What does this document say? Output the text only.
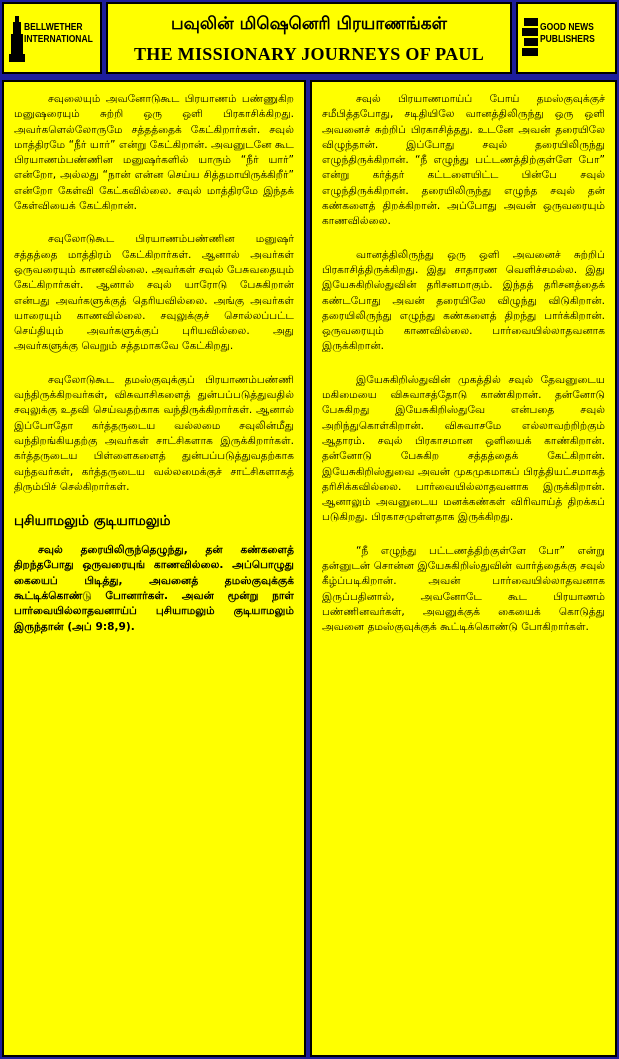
BELLWETHER
INTERNATIONAL
பவுலின் மிஷெனெரி பிரயாணங்கள்
THE MISSIONARY JOURNEYS OF PAUL
GOOD NEWS
PUBLISHERS

சவுலையும் அவனோடுகூட பிரயாணம் பண்ணுகிற மனுஷரையும் சுற்றி ஒரு ஒளி பிரகாசிக்கிறது. அவர்களெல்லோருமே சத்தத்தைக் கேட்கிறார்கள். சவுல் மாத்திரமே “நீர் யார்” என்று கேட்கிறான். அவனுடனே கூட பிரயாணம்பண்ணின மனுஷர்களில் யாரும் “நீர் யார்” என்றோ, அல்லது “நான் என்ன செய்ய சித்தமாயிருக்கிறீர்” என்றோ கேள்வி கேட்கவில்லை. சவுல் மாத்திரமே இந்தக் கேள்வியைக் கேட்கிறான்.

சவுலோடுகூட பிரயாணம்பண்ணின மனுஷர் சத்தத்தை மாத்திரம் கேட்கிறார்கள். ஆனால் அவர்கள் ஒருவரையும் காணவில்லை. அவர்கள் சவுல் பேசுவதையும் கேட்கிறார்கள். ஆனால் சவுல் யாரோடு பேசுகிறான் என்பது அவர்களுக்குத் தெரியவில்லை. அங்கு அவர்கள் யாரையும் காணவில்லை. சவுலுக்குச் சொல்லப்பட்ட செய்தியும் அவர்களுக்குப் புரியவில்லை. அது அவர்களுக்கு வெறும் சத்தமாகவே கேட்கிறது.

சவுலோடுகூட தமஸ்குவுக்குப் பிரயாணம்பண்ணி வந்திருக்கிறவர்கள், விசுவாசிகளைத் துன்பப்படுத்துவதில் சவுலுக்கு உதவி செய்வதற்காக வந்திருக்கிறார்கள். ஆனால் இப்போதோ கர்த்தருடைய வல்லமை சவுலின்மீது வந்திறங்கியதற்கு அவர்கள் சாட்சிகளாக இருக்கிறார்கள். கர்த்தருடைய பிள்ளைகளைத் துன்பப்படுத்துவதற்காக வந்தவர்கள், கர்த்தருடைய வல்லமைக்குச் சாட்சிகளாகத் திரும்பிச் செல்கிறார்கள்.

புசியாமலும் குடியாமலும்

சவுல் தரையிலிருந்தெழுந்து, தன் கண்களைத் திறந்தபோது ஒருவரையுங் காணவில்லை. அப்பொழுது கையைப் பிடித்து, அவனைத் தமஸ்குவுக்குக் கூட்டிக்கொண்டு போனார்கள். அவன் மூன்று நாள் பார்வையில்லாதவனாய்ப் புசியாமலும் குடியாமலும் இருந்தான் (அப் 9:8,9).

சவுல் பிரயாணமாய்ப் போய் தமஸ்குவுக்குச் சமீபித்தபோது, சடிதியிலே வானத்திலிருந்து ஒரு ஒளி அவனைச் சுற்றிப் பிரகாசித்தது. உடனே அவன் தரையிலே விழுந்தான். இப்போது சவுல் தரையிலிருந்து எழுந்திருக்கிறான். “நீ எழுந்து பட்டணத்திற்குள்ளே போ” என்று கர்த்தர் கட்டளையிட்ட பின்பே சவுல் எழுந்திருக்கிறான். தரையிலிருந்து எழுந்த சவுல் தன் கண்களைத் திறக்கிறான். அப்போது அவன் ஒருவரையும் காணவில்லை.

வானத்திலிருந்து ஒரு ஒளி அவனைச் சுற்றிப் பிரகாசித்திருக்கிறது. இது சாதாரண வெளிச்சமல்ல. இது இயேசுகிறிஸ்துவின் தரிசனமாகும். இந்தத் தரிசனத்தைக் கண்டபோது அவன் தரையிலே விழுந்து விடுகிறான். தரையிலிருந்து எழுந்து கண்களைத் திறந்து பார்க்கிறான். ஒருவரையும் காணவில்லை. பார்வையில்லாதவனாக இருக்கிறான்.

இயேசுகிறிஸ்துவின் முகத்தில் சவுல் தேவனுடைய மகிமையை விசுவாசத்தோடு காண்கிறான். தன்னோடு பேசுகிறது இயேசுகிறிஸ்துவே என்பதை சவுல் அறிந்துகொள்கிறான். விசுவாசமே எல்லாவற்றிற்கும் ஆதாரம். சவுல் பிரகாசமான ஒளியைக் காண்கிறான். தன்னோடு பேசுகிற சத்தத்தைக் கேட்கிறான். இயேசுகிறிஸ்துவை அவன் முகமுகமாகப் பிரத்தியட்சமாகத் தரிசிக்கவில்லை. பார்வையில்லாதவனாக இருக்கிறான். ஆனாலும் அவனுடைய மனக்கண்கள் விரிவாய்த் திறக்கப் படுகிறது. பிரகாசமுள்ளதாக இருக்கிறது.

“நீ எழுந்து பட்டணத்திற்குள்ளே போ” என்று தன்னுடன் சொன்ன இயேசுகிறிஸ்துவின் வார்த்தைக்கு சவுல் கீழ்ப்படிகிறான். அவன் பார்வையில்லாதவனாக இருப்பதினால், அவனோடே கூட பிரயாணம் பண்ணினவர்கள், அவனுக்குக் கையைக் கொடுத்து அவனை தமஸ்குவுக்குக் கூட்டிக்கொண்டு போகிறார்கள்.
